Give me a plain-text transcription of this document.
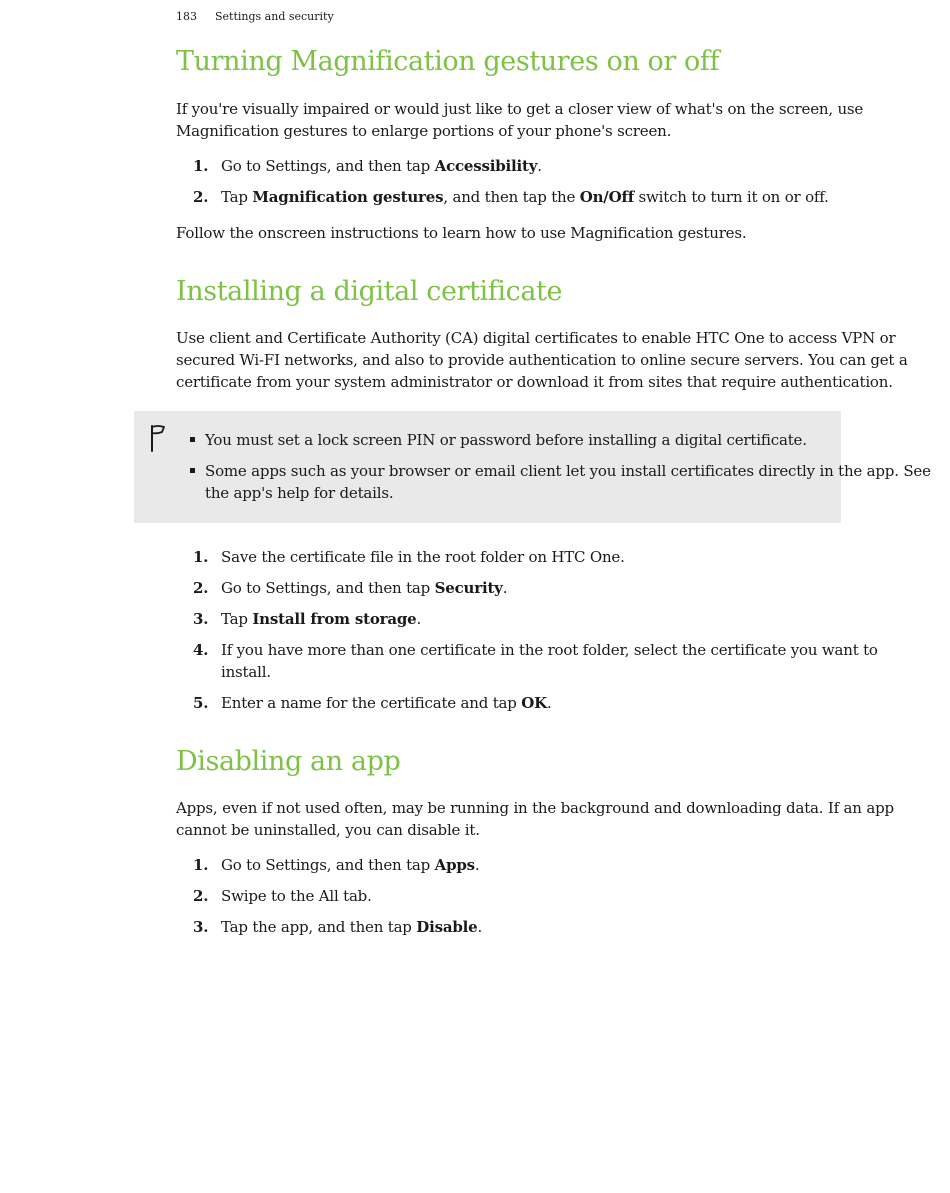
183 Settings and security
Turning Magnification gestures on or off
If you're visually impaired or would just like to get a closer view of what's on the screen, use
Magnification gestures to enlarge portions of your phone's screen.
1. Go to Settings, and then tap Accessibility.
2. Tap Magnification gestures, and then tap the On/Off switch to turn it on or off.
Follow the onscreen instructions to learn how to use Magnification gestures.
Installing a digital certificate
Use client and Certificate Authority (CA) digital certificates to enable HTC One to access VPN or
secured Wi-FI networks, and also to provide authentication to online secure servers. You can get a
certificate from your system administrator or download it from sites that require authentication.
You must set a lock screen PIN or password before installing a digital certificate.
Some apps such as your browser or email client let you install certificates directly in the app. See
the app's help for details.
1. Save the certificate file in the root folder on HTC One.
2. Go to Settings, and then tap Security.
3. Tap Install from storage.
4. If you have more than one certificate in the root folder, select the certificate you want to
install.
5. Enter a name for the certificate and tap OK.
Disabling an app
Apps, even if not used often, may be running in the background and downloading data. If an app
cannot be uninstalled, you can disable it.
1. Go to Settings, and then tap Apps.
2. Swipe to the All tab.
3. Tap the app, and then tap Disable.
